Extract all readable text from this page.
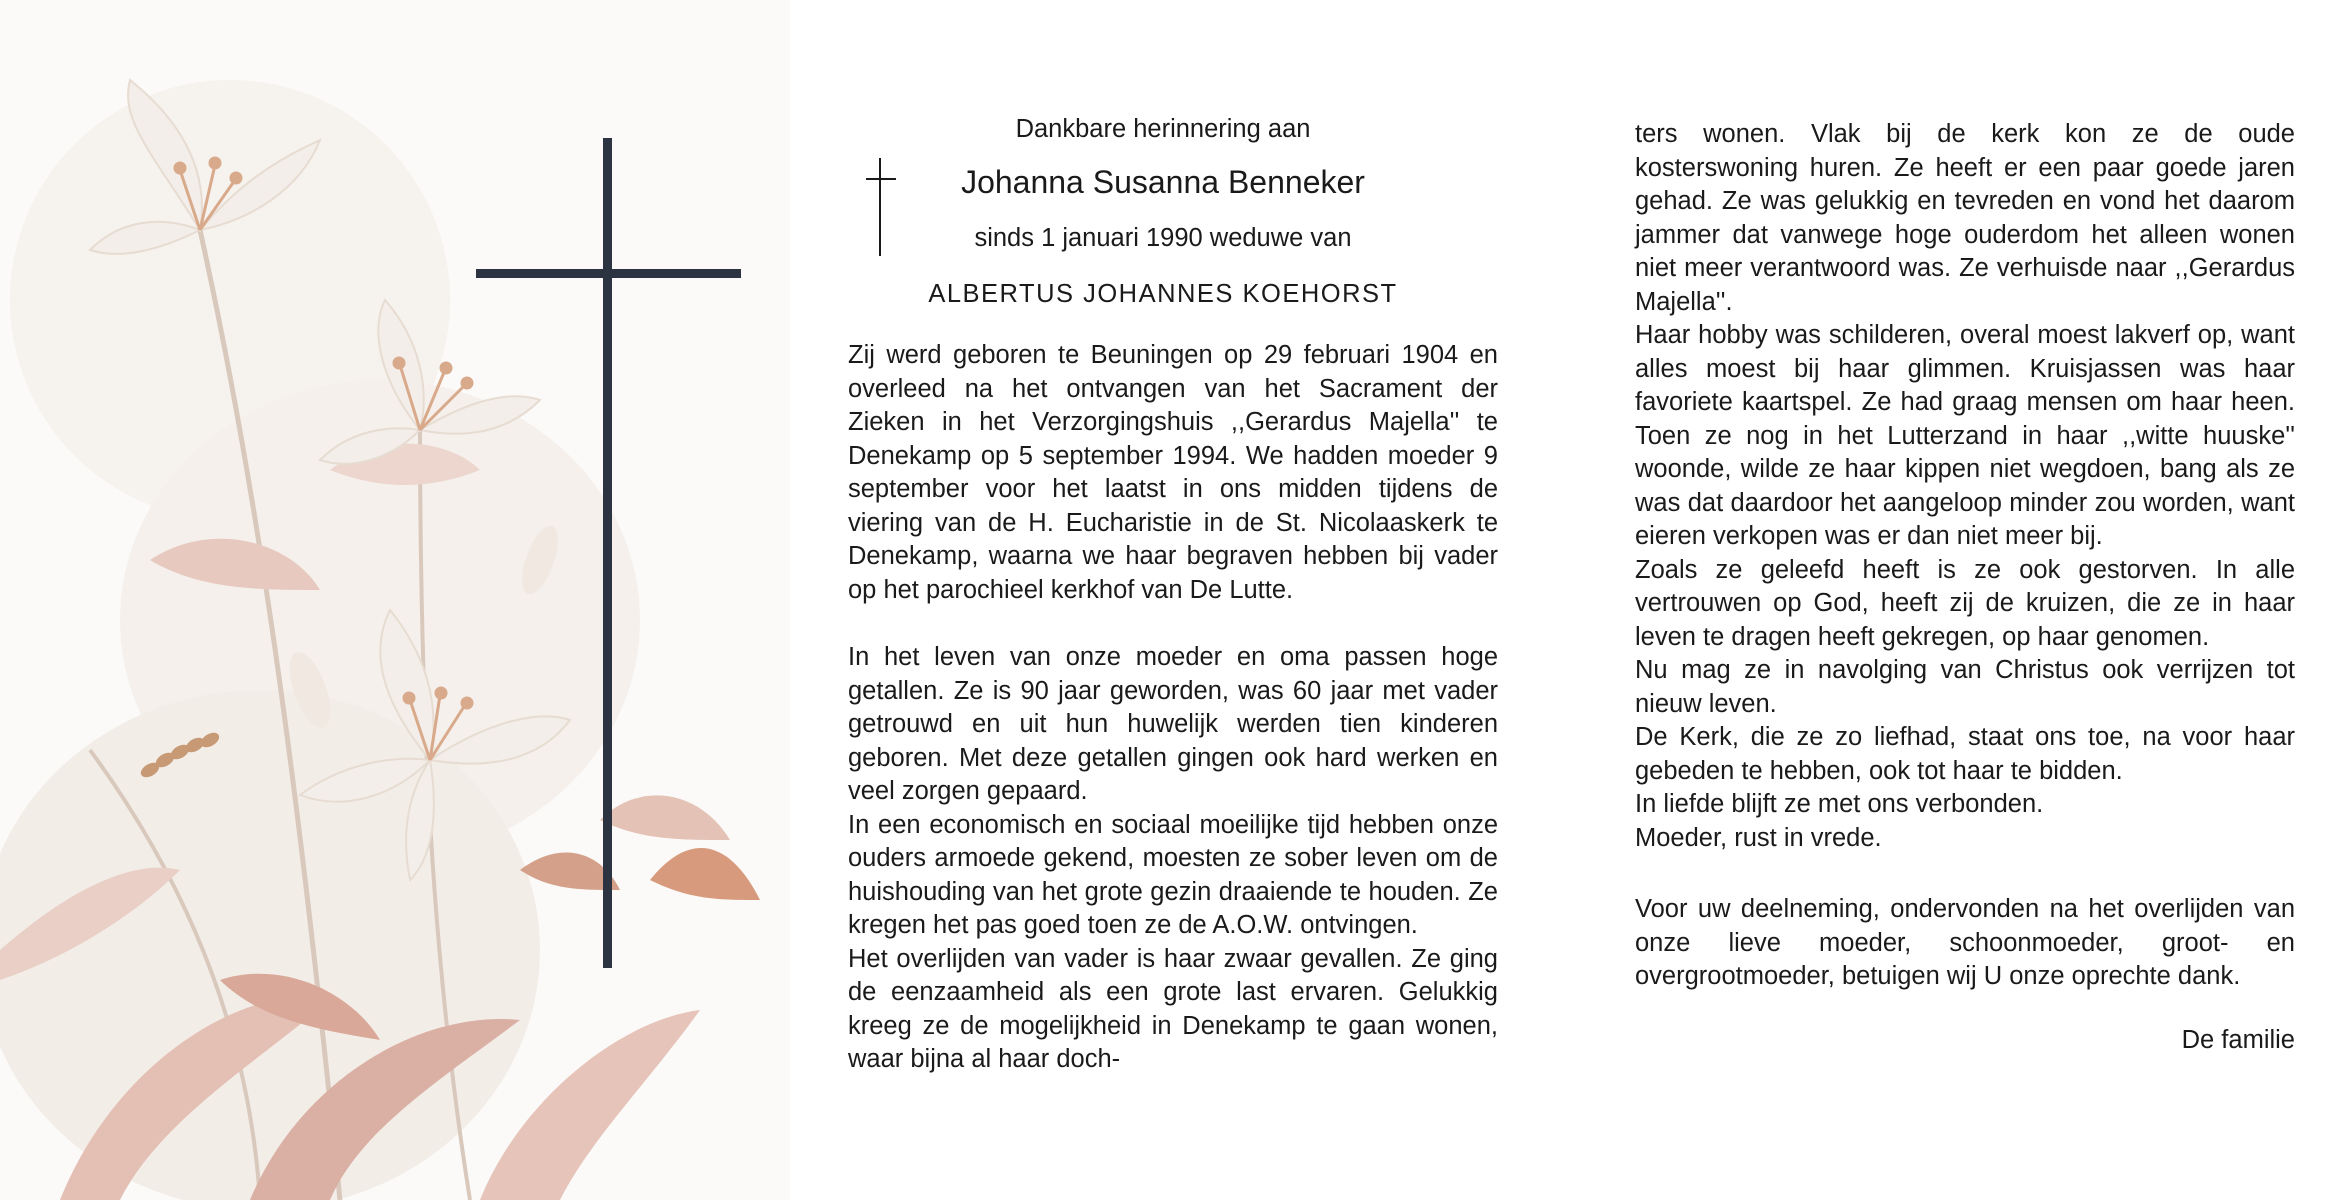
Dankbare herinnering aan
Johanna Susanna Benneker
sinds 1 januari 1990 weduwe van
ALBERTUS JOHANNES KOEHORST

Zij werd geboren te Beuningen op 29 februari 1904 en overleed na het ontvangen van het Sacrament der Zieken in het Verzorgingshuis ,,Gerardus Majella'' te Denekamp op 5 september 1994. We hadden moeder 9 september voor het laatst in ons midden tijdens de viering van de H. Eucharistie in de St. Nicolaaskerk te Denekamp, waarna we haar begraven hebben bij vader op het parochieel kerkhof van De Lutte.

In het leven van onze moeder en oma passen hoge getallen. Ze is 90 jaar geworden, was 60 jaar met vader getrouwd en uit hun huwelijk werden tien kinderen geboren. Met deze getallen gingen ook hard werken en veel zorgen gepaard.

In een economisch en sociaal moeilijke tijd hebben onze ouders armoede gekend, moesten ze sober leven om de huishouding van het grote gezin draaiende te houden. Ze kregen het pas goed toen ze de A.O.W. ontvingen.

Het overlijden van vader is haar zwaar gevallen. Ze ging de eenzaamheid als een grote last ervaren. Gelukkig kreeg ze de mogelijkheid in Denekamp te gaan wonen, waar bijna al haar doch-

ters wonen. Vlak bij de kerk kon ze de oude kosterswoning huren. Ze heeft er een paar goede jaren gehad. Ze was gelukkig en tevreden en vond het daarom jammer dat vanwege hoge ouderdom het alleen wonen niet meer verantwoord was. Ze verhuisde naar ,,Gerardus Majella''.

Haar hobby was schilderen, overal moest lakverf op, want alles moest bij haar glimmen. Kruisjassen was haar favoriete kaartspel. Ze had graag mensen om haar heen. Toen ze nog in het Lutterzand in haar ,,witte huuske'' woonde, wilde ze haar kippen niet wegdoen, bang als ze was dat daardoor het aangeloop minder zou worden, want eieren verkopen was er dan niet meer bij.

Zoals ze geleefd heeft is ze ook gestorven. In alle vertrouwen op God, heeft zij de kruizen, die ze in haar leven te dragen heeft gekregen, op haar genomen.

Nu mag ze in navolging van Christus ook verrijzen tot nieuw leven.

De Kerk, die ze zo liefhad, staat ons toe, na voor haar gebeden te hebben, ook tot haar te bidden.

In liefde blijft ze met ons verbonden.

Moeder, rust in vrede.

Voor uw deelneming, ondervonden na het overlijden van onze lieve moeder, schoonmoeder, groot- en overgrootmoeder, betuigen wij U onze oprechte dank.

De familie
